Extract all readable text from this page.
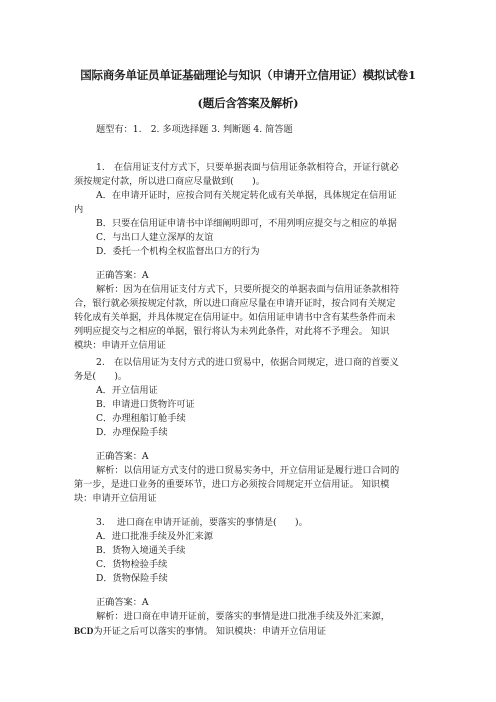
国际商务单证员单证基础理论与知识（申请开立信用证）模拟试卷1
(题后含答案及解析)
题型有：1.　2. 多项选择题 3. 判断题 4. 简答题
1.　在信用证支付方式下，只要单据表面与信用证条款相符合，开证行就必
须按规定付款，所以进口商应尽量做到(　　)。
A．在申请开证时，应按合同有关规定转化成有关单据，具体规定在信用证
内
B．只要在信用证申请书中详细阐明即可，不用列明应提交与之相应的单据
C．与出口人建立深厚的友谊
D．委托一个机构全权监督出口方的行为
正确答案：A
解析：因为在信用证支付方式下，只要所提交的单据表面与信用证条款相符
合，银行就必须按规定付款，所以进口商应尽量在申请开证时，按合同有关规定
转化成有关单据，并具体规定在信用证中。如信用证申请书中含有某些条件而未
列明应提交与之相应的单据，银行将认为未列此条件，对此将不予理会。 知识
模块：申请开立信用证
2.　在以信用证为支付方式的进口贸易中，依据合同规定，进口商的首要义
务是(　　)。
A．开立信用证
B．申请进口货物许可证
C．办理租船订舱手续
D．办理保险手续
正确答案：A
解析：以信用证方式支付的进口贸易实务中，开立信用证是履行进口合同的
第一步，是进口业务的重要环节，进口方必须按合同规定开立信用证。 知识模
块：申请开立信用证
3.　 进口商在申请开证前，要落实的事情是(　　)。
A．进口批准手续及外汇来源
B．货物入境通关手续
C．货物检验手续
D．货物保险手续
正确答案：A
解析：进口商在申请开证前，要落实的事情是进口批准手续及外汇来源，
BCD为开证之后可以落实的事情。 知识模块：申请开立信用证
